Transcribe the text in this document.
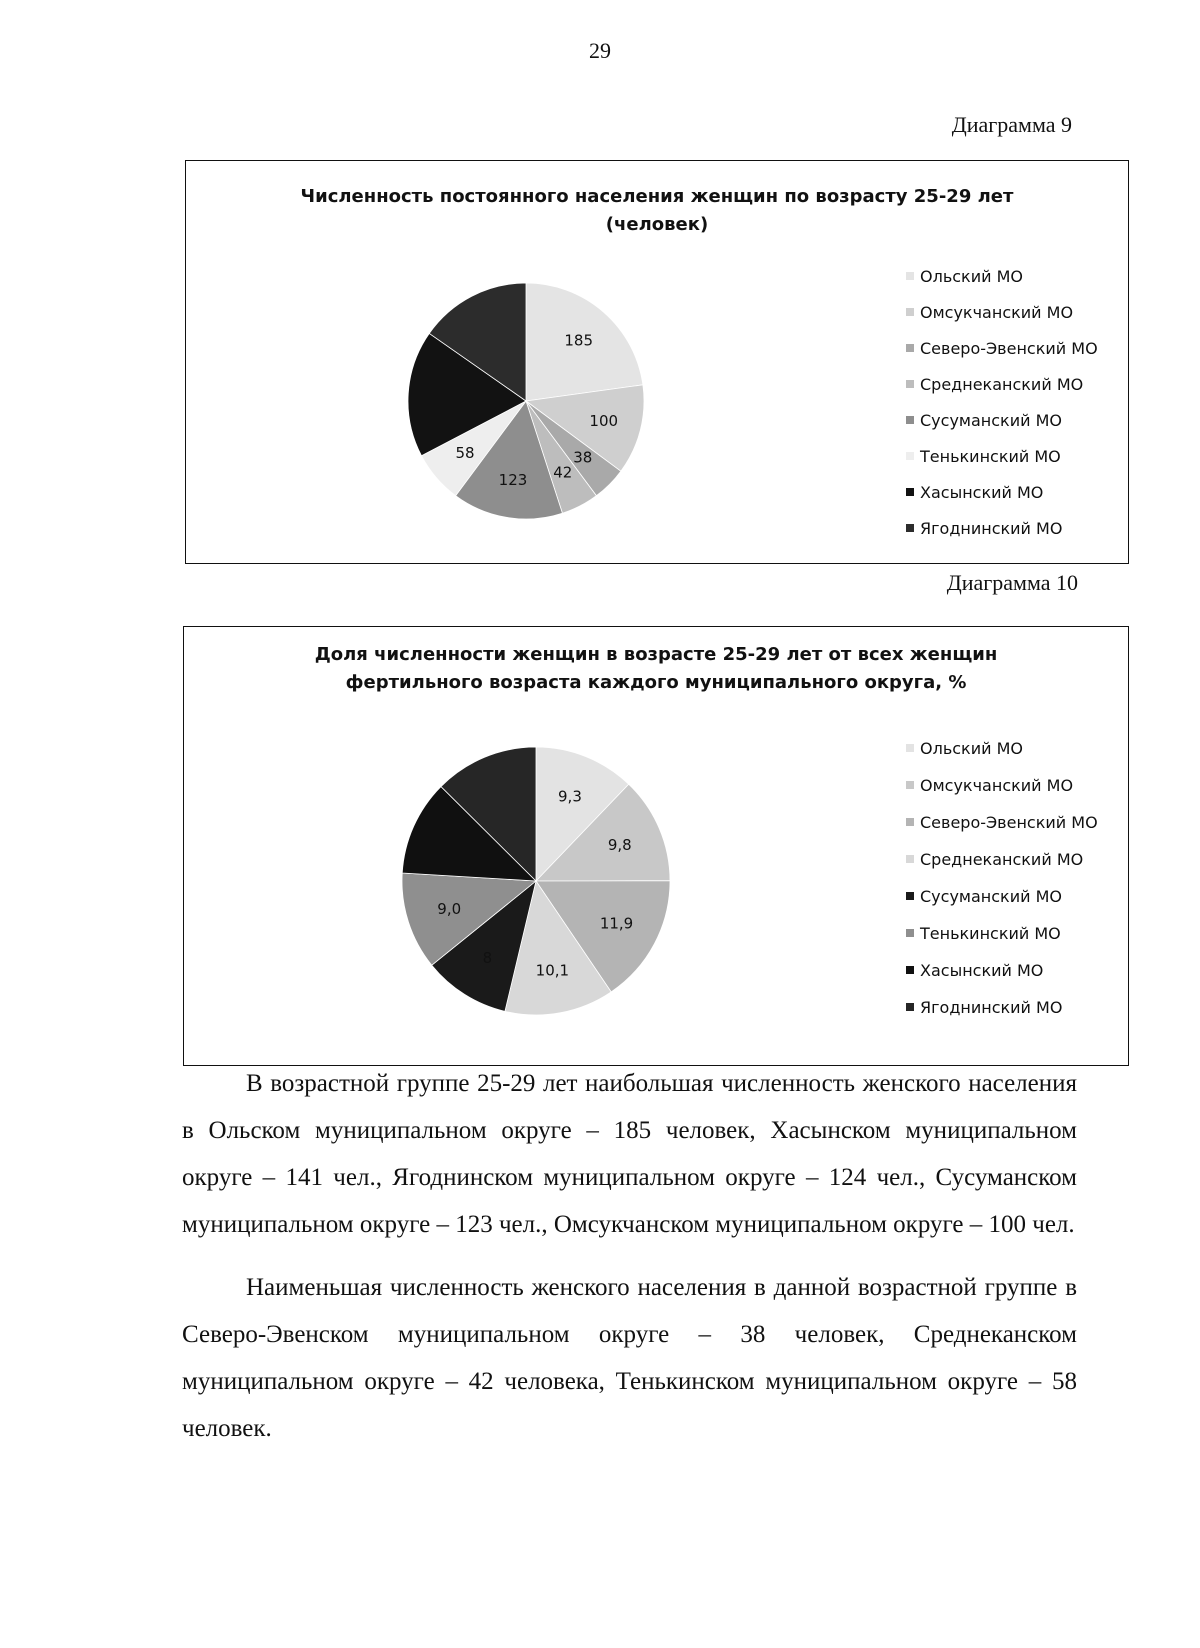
29
Диаграмма 9
Численность постоянного населения женщин по возрасту 25-29 лет
(человек)
185
100
38
42
123
58
Ольский МО
Омсукчанский МО
Северо-Эвенский МО
Среднеканский МО
Сусуманский МО
Тенькинский МО
Хасынский МО
Ягоднинский МО
Диаграмма 10
Доля численности женщин в возрасте 25-29 лет от всех женщин
фертильного возраста каждого муниципального округа, %
9,3
9,8
11,9
10,1
8
9,0
Ольский МО
Омсукчанский МО
Северо-Эвенский МО
Среднеканский МО
Сусуманский МО
Тенькинский МО
Хасынский МО
Ягоднинский МО

В возрастной группе 25-29 лет наибольшая численность женского населения в Ольском муниципальном округе – 185 человек, Хасынском муниципальном округе – 141 чел., Ягоднинском муниципальном округе – 124 чел., Сусуманском муниципальном округе – 123 чел., Омсукчанском муниципальном округе – 100 чел.

Наименьшая численность женского населения в данной возрастной группе в Северо-Эвенском муниципальном округе – 38 человек, Среднеканском муниципальном округе – 42 человека, Тенькинском муниципальном округе – 58 человек.
